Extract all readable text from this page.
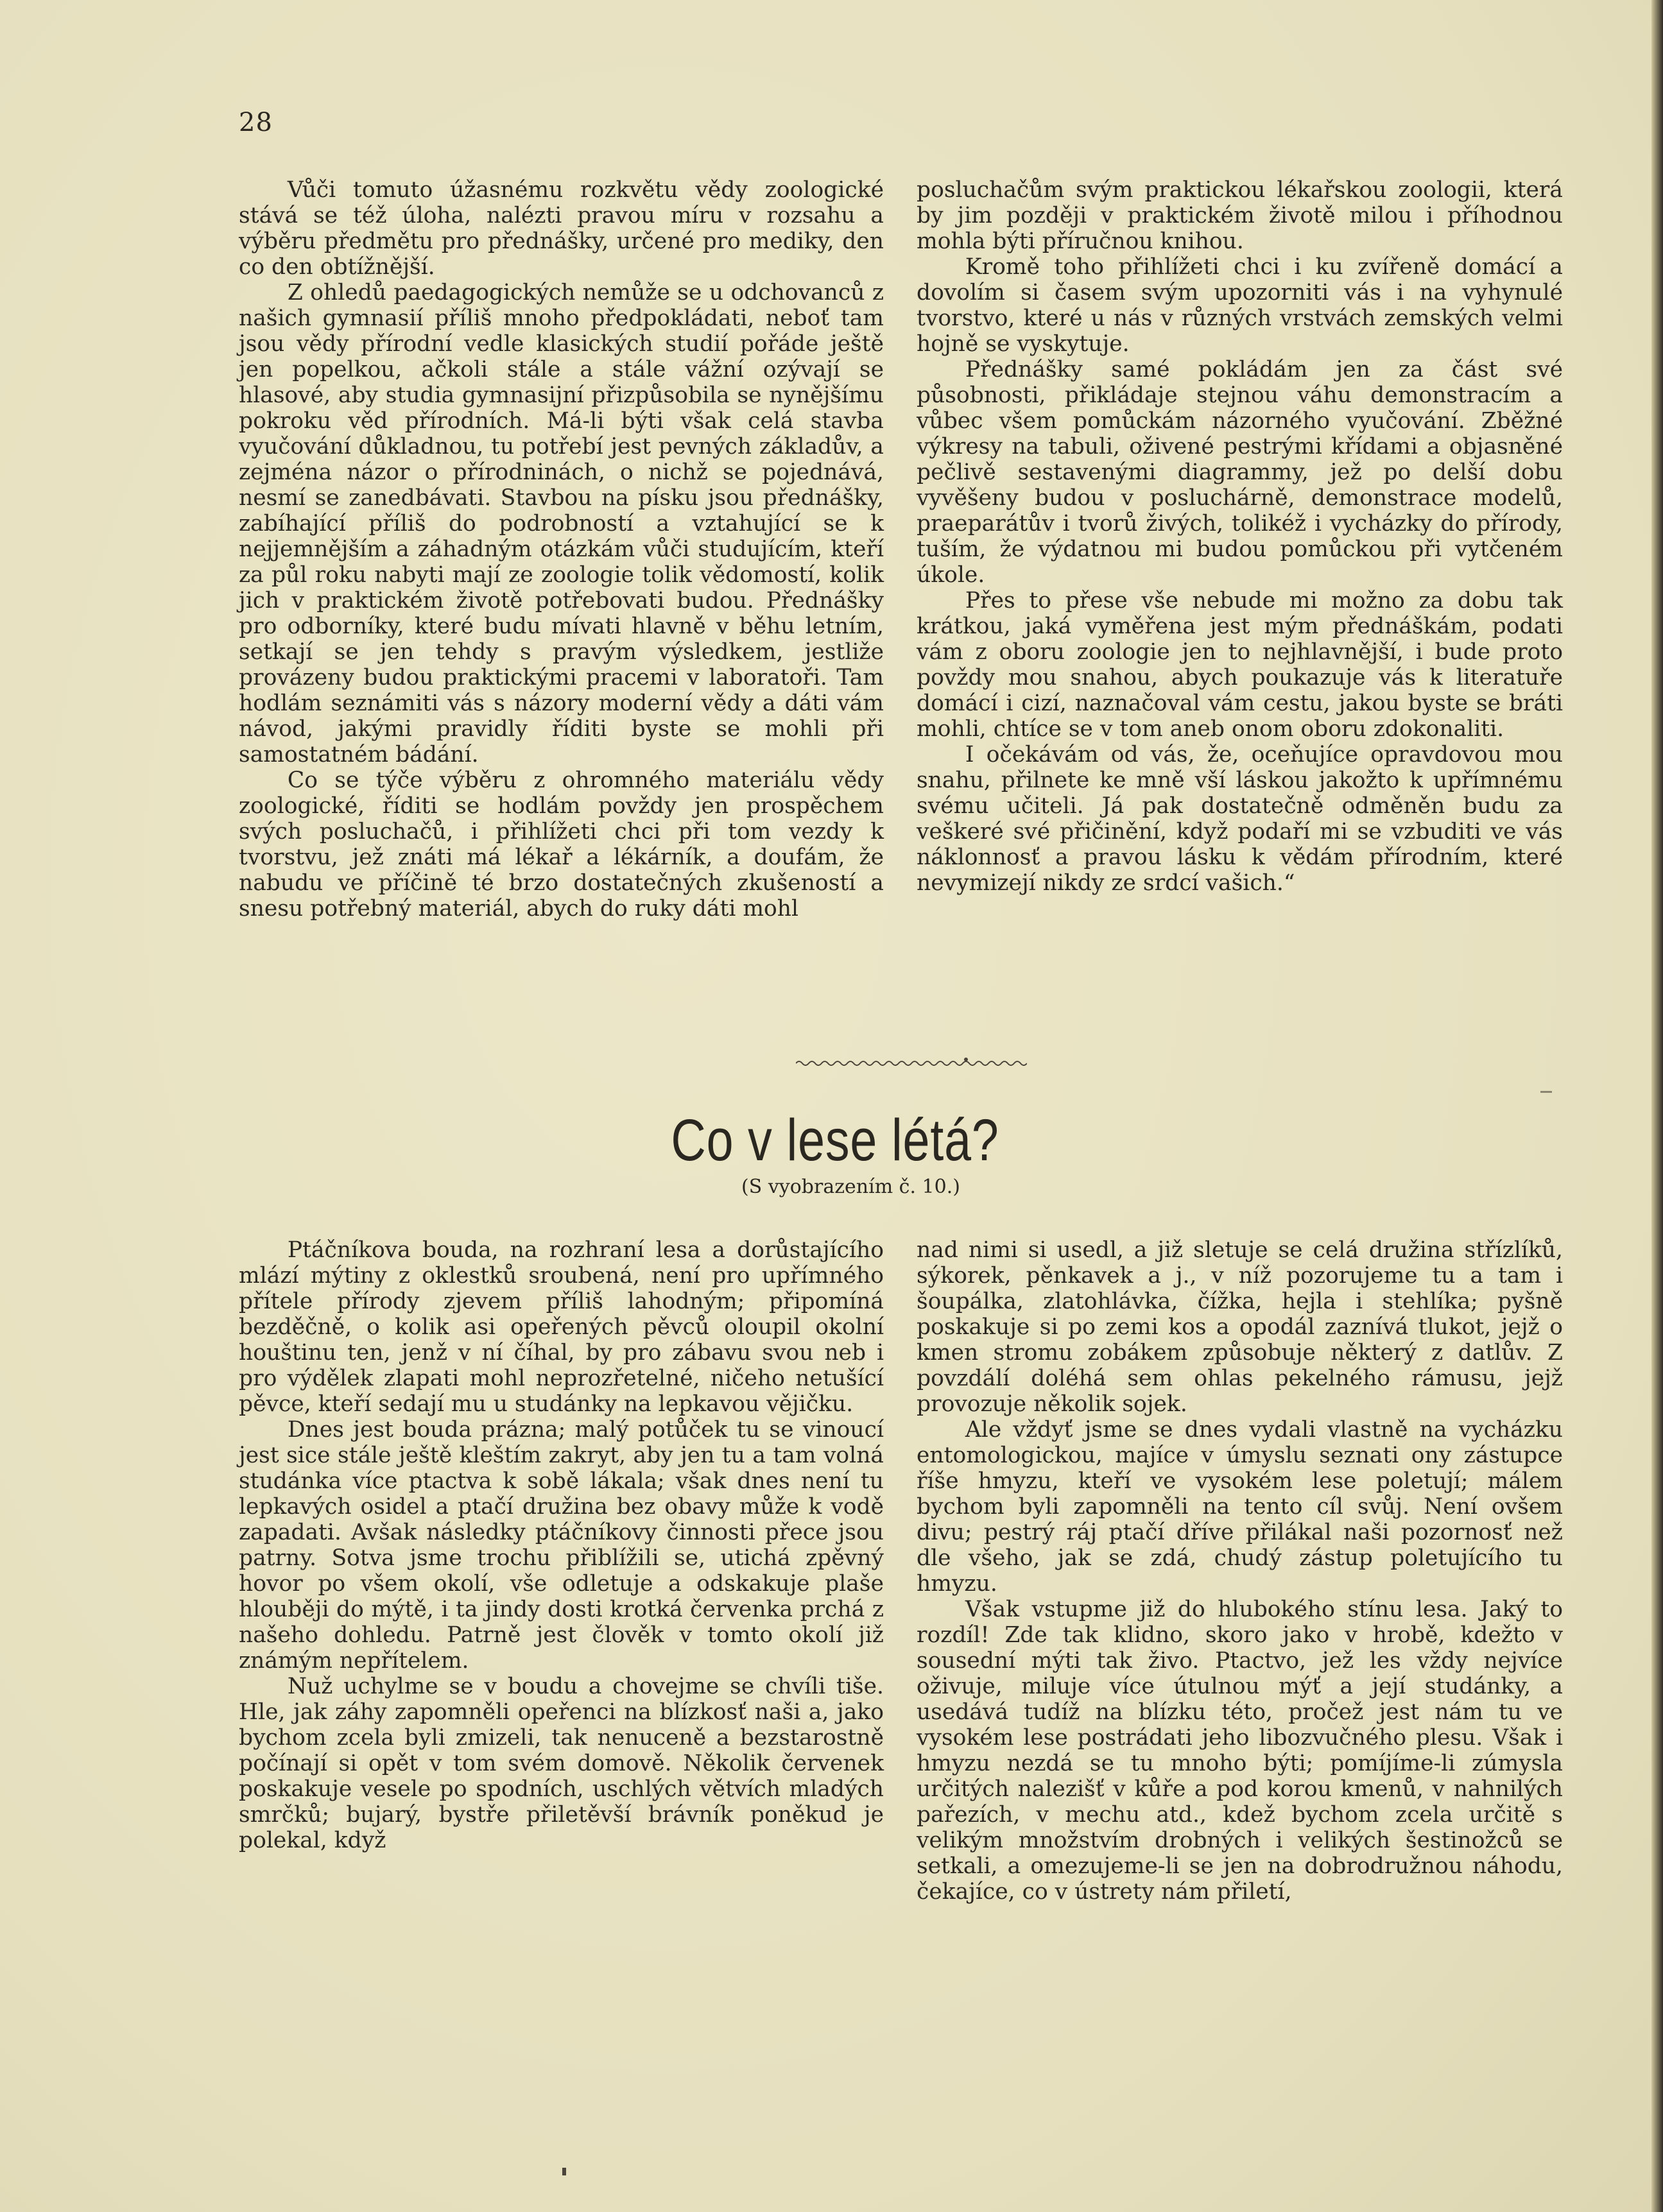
28

Vůči tomuto úžasnému rozkvětu vědy zoologické stává se též úloha, nalézti pravou míru v rozsahu a výběru předmětu pro přednášky, určené pro mediky, den co den obtížnější.

Z ohledů paedagogických nemůže se u odchovanců z našich gymnasií příliš mnoho předpokládati, neboť tam jsou vědy přírodní vedle klasických studií pořáde ještě jen popelkou, ačkoli stále a stále vážní ozývají se hlasové, aby studia gymnasijní přizpůsobila se nynějšímu pokroku věd přírodních. Má-li býti však celá stavba vyučování důkladnou, tu potřebí jest pevných základův, a zejména názor o přírodninách, o nichž se pojednává, nesmí se zanedbávati. Stavbou na písku jsou přednášky, zabíhající příliš do podrobností a vztahující se k nejjemnějším a záhadným otázkám vůči studujícím, kteří za půl roku nabyti mají ze zoologie tolik vědomostí, kolik jich v praktickém životě potřebovati budou. Přednášky pro odborníky, které budu mívati hlavně v běhu letním, setkají se jen tehdy s pravým výsledkem, jestliže provázeny budou praktickými pracemi v laboratoři. Tam hodlám seznámiti vás s názory moderní vědy a dáti vám návod, jakými pravidly říditi byste se mohli při samostatném bádání.

Co se týče výběru z ohromného materiálu vědy zoologické, říditi se hodlám povždy jen prospěchem svých posluchačů, i přihlížeti chci při tom vezdy k tvorstvu, jež znáti má lékař a lékárník, a doufám, že nabudu ve příčině té brzo dostatečných zkušeností a snesu potřebný materiál, abych do ruky dáti mohl

posluchačům svým praktickou lékařskou zoologii, která by jim později v praktickém životě milou i příhodnou mohla býti příručnou knihou.

Kromě toho přihlížeti chci i ku zvířeně domácí a dovolím si časem svým upozorniti vás i na vyhynulé tvorstvo, které u nás v různých vrstvách zemských velmi hojně se vyskytuje.

Přednášky samé pokládám jen za část své působnosti, přikládaje stejnou váhu demonstracím a vůbec všem pomůckám názorného vyučování. Zběžné výkresy na tabuli, oživené pestrými křídami a objasněné pečlivě sestavenými diagrammy, jež po delší dobu vyvěšeny budou v posluchárně, demonstrace modelů, praeparátův i tvorů živých, tolikéž i vycházky do přírody, tuším, že výdatnou mi budou pomůckou při vytčeném úkole.

Přes to přese vše nebude mi možno za dobu tak krátkou, jaká vyměřena jest mým přednáškám, podati vám z oboru zoologie jen to nejhlavnější, i bude proto povždy mou snahou, abych poukazuje vás k literatuře domácí i cizí, naznačoval vám cestu, jakou byste se bráti mohli, chtíce se v tom aneb onom oboru zdokonaliti.

I očekávám od vás, že, oceňujíce opravdovou mou snahu, přilnete ke mně vší láskou jakožto k upřímnému svému učiteli. Já pak dostatečně odměněn budu za veškeré své přičinění, když podaří mi se vzbuditi ve vás náklonnosť a pravou lásku k vědám přírodním, které nevymizejí nikdy ze srdcí vašich.“

Co v lese létá?
(S vyobrazením č. 10.)

Ptáčníkova bouda, na rozhraní lesa a dorůstajícího mlází mýtiny z oklestků sroubená, není pro upřímného přítele přírody zjevem příliš lahodným; připomíná bezděčně, o kolik asi opeřených pěvců oloupil okolní houštinu ten, jenž v ní číhal, by pro zábavu svou neb i pro výdělek zlapati mohl neprozřetelné, ničeho netušící pěvce, kteří sedají mu u studánky na lepkavou vějičku.

Dnes jest bouda prázna; malý potůček tu se vinoucí jest sice stále ještě kleštím zakryt, aby jen tu a tam volná studánka více ptactva k sobě lákala; však dnes není tu lepkavých osidel a ptačí družina bez obavy může k vodě zapadati. Avšak následky ptáčníkovy činnosti přece jsou patrny. Sotva jsme trochu přiblížili se, utichá zpěvný hovor po všem okolí, vše odletuje a odskakuje plaše hlouběji do mýtě, i ta jindy dosti krotká červenka prchá z našeho dohledu. Patrně jest člověk v tomto okolí již známým nepřítelem.

Nuž uchylme se v boudu a chovejme se chvíli tiše. Hle, jak záhy zapomněli opeřenci na blízkosť naši a, jako bychom zcela byli zmizeli, tak nenuceně a bezstarostně počínají si opět v tom svém domově. Několik červenek poskakuje vesele po spodních, uschlých větvích mladých smrčků; bujarý, bystře přiletěvší brávník poněkud je polekal, když

nad nimi si usedl, a již sletuje se celá družina střízlíků, sýkorek, pěnkavek a j., v níž pozorujeme tu a tam i šoupálka, zlatohlávka, čížka, hejla i stehlíka; pyšně poskakuje si po zemi kos a opodál zaznívá tlukot, jejž o kmen stromu zobákem způsobuje některý z datlův. Z povzdálí doléhá sem ohlas pekelného rámusu, jejž provozuje několik sojek.

Ale vždyť jsme se dnes vydali vlastně na vycházku entomologickou, majíce v úmyslu seznati ony zástupce říše hmyzu, kteří ve vysokém lese poletují; málem bychom byli zapomněli na tento cíl svůj. Není ovšem divu; pestrý ráj ptačí dříve přilákal naši pozornosť než dle všeho, jak se zdá, chudý zástup poletujícího tu hmyzu.

Však vstupme již do hlubokého stínu lesa. Jaký to rozdíl! Zde tak klidno, skoro jako v hrobě, kdežto v sousední mýti tak živo. Ptactvo, jež les vždy nejvíce oživuje, miluje více útulnou mýť a její studánky, a usedává tudíž na blízku této, pročež jest nám tu ve vysokém lese postrádati jeho libozvučného plesu. Však i hmyzu nezdá se tu mnoho býti; pomíjíme-li zúmysla určitých nalezišť v kůře a pod korou kmenů, v nahnilých pařezích, v mechu atd., kdež bychom zcela určitě s velikým množstvím drobných i velikých šestinožců se setkali, a omezujeme-li se jen na dobrodružnou náhodu, čekajíce, co v ústrety nám přiletí,
